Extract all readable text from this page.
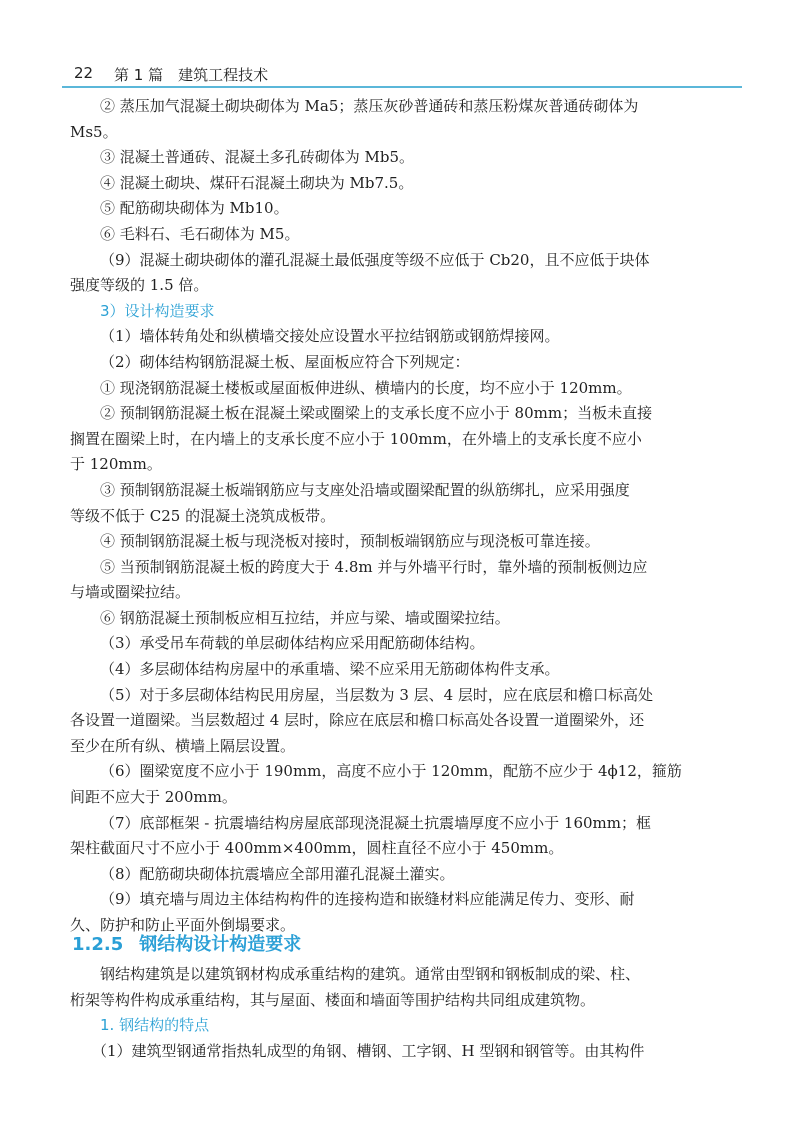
22 第 1 篇　建筑工程技术

② 蒸压加气混凝土砌块砌体为 Ma5；蒸压灰砂普通砖和蒸压粉煤灰普通砖砌体为

Ms5。

③ 混凝土普通砖、混凝土多孔砖砌体为 Mb5。

④ 混凝土砌块、煤矸石混凝土砌块为 Mb7.5。

⑤ 配筋砌块砌体为 Mb10。

⑥ 毛料石、毛石砌体为 M5。

（9）混凝土砌块砌体的灌孔混凝土最低强度等级不应低于 Cb20，且不应低于块体

强度等级的 1.5 倍。

3）设计构造要求

（1）墙体转角处和纵横墙交接处应设置水平拉结钢筋或钢筋焊接网。

（2）砌体结构钢筋混凝土板、屋面板应符合下列规定：

① 现浇钢筋混凝土楼板或屋面板伸进纵、横墙内的长度，均不应小于 120mm。

② 预制钢筋混凝土板在混凝土梁或圈梁上的支承长度不应小于 80mm；当板未直接

搁置在圈梁上时，在内墙上的支承长度不应小于 100mm，在外墙上的支承长度不应小

于 120mm。

③ 预制钢筋混凝土板端钢筋应与支座处沿墙或圈梁配置的纵筋绑扎，应采用强度

等级不低于 C25 的混凝土浇筑成板带。

④ 预制钢筋混凝土板与现浇板对接时，预制板端钢筋应与现浇板可靠连接。

⑤ 当预制钢筋混凝土板的跨度大于 4.8m 并与外墙平行时，靠外墙的预制板侧边应

与墙或圈梁拉结。

⑥ 钢筋混凝土预制板应相互拉结，并应与梁、墙或圈梁拉结。

（3）承受吊车荷载的单层砌体结构应采用配筋砌体结构。

（4）多层砌体结构房屋中的承重墙、梁不应采用无筋砌体构件支承。

（5）对于多层砌体结构民用房屋，当层数为 3 层、4 层时，应在底层和檐口标高处

各设置一道圈梁。当层数超过 4 层时，除应在底层和檐口标高处各设置一道圈梁外，还

至少在所有纵、横墙上隔层设置。

（6）圈梁宽度不应小于 190mm，高度不应小于 120mm，配筋不应少于 4ϕ12，箍筋

间距不应大于 200mm。

（7）底部框架 - 抗震墙结构房屋底部现浇混凝土抗震墙厚度不应小于 160mm；框

架柱截面尺寸不应小于 400mm×400mm，圆柱直径不应小于 450mm。

（8）配筋砌块砌体抗震墙应全部用灌孔混凝土灌实。

（9）填充墙与周边主体结构构件的连接构造和嵌缝材料应能满足传力、变形、耐

久、防护和防止平面外倒塌要求。

1.2.5 钢结构设计构造要求

钢结构建筑是以建筑钢材构成承重结构的建筑。通常由型钢和钢板制成的梁、柱、

桁架等构件构成承重结构，其与屋面、楼面和墙面等围护结构共同组成建筑物。

1. 钢结构的特点

（1）建筑型钢通常指热轧成型的角钢、槽钢、工字钢、H 型钢和钢管等。由其构件
